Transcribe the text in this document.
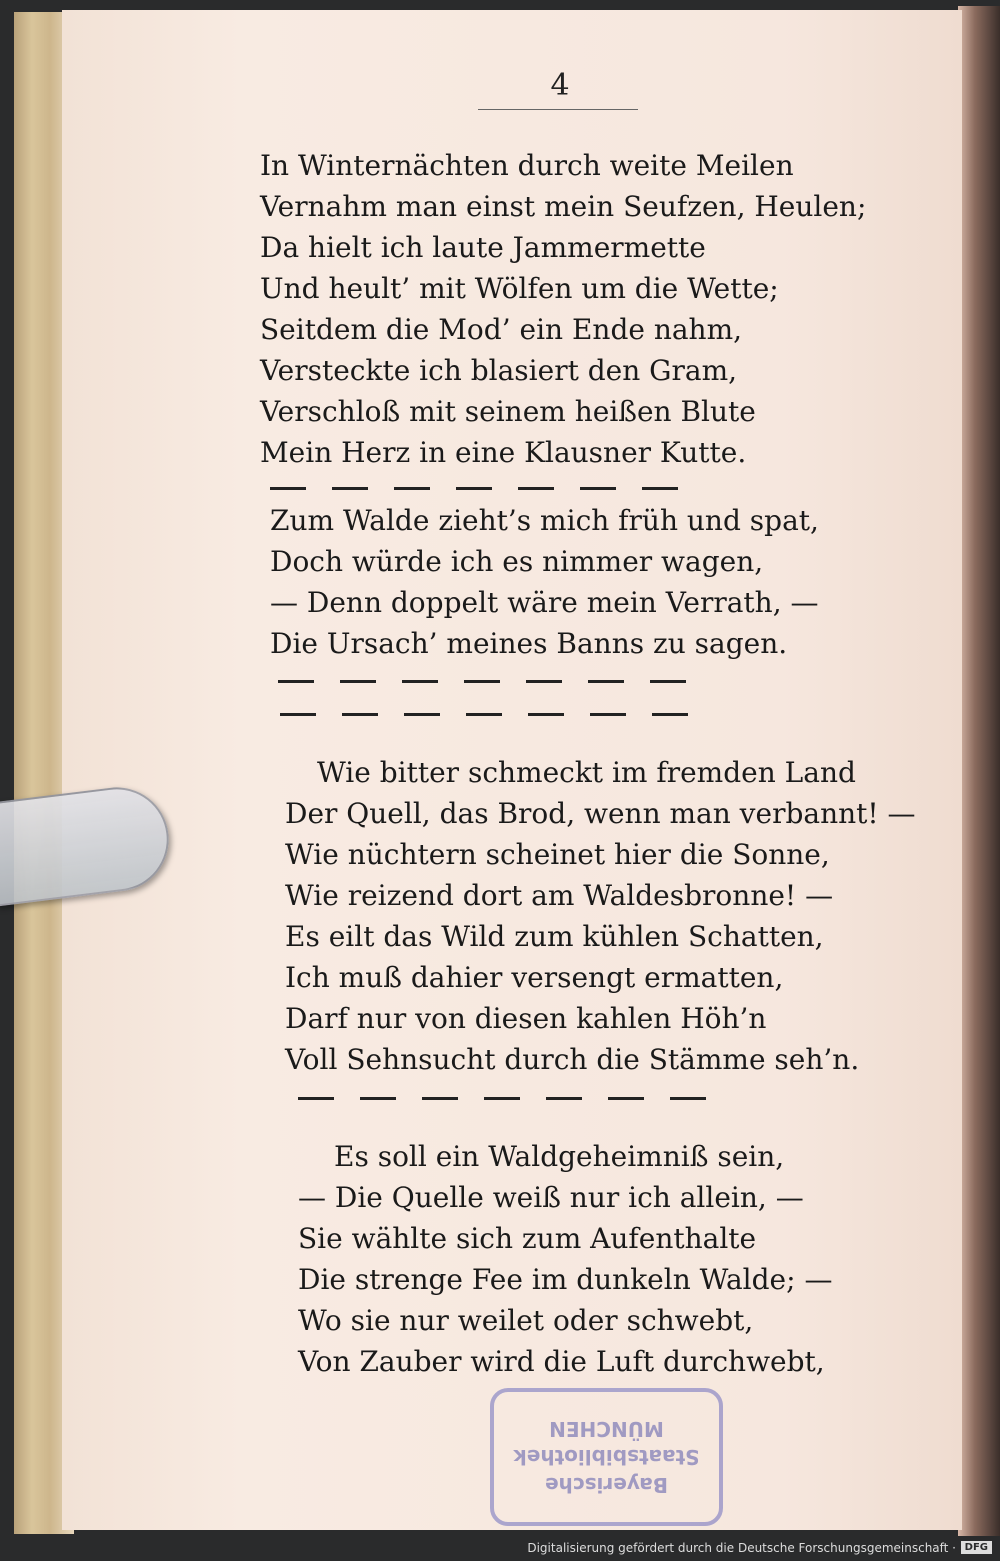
4
In Winternächten durch weite Meilen
Vernahm man einst mein Seufzen, Heulen;
Da hielt ich laute Jammermette
Und heult’ mit Wölfen um die Wette;
Seitdem die Mod’ ein Ende nahm,
Versteckte ich blasiert den Gram,
Verschloß mit seinem heißen Blute
Mein Herz in eine Klausner Kutte.
Zum Walde zieht’s mich früh und spat,
Doch würde ich es nimmer wagen,
— Denn doppelt wäre mein Verrath, —
Die Ursach’ meines Banns zu sagen.
Wie bitter schmeckt im fremden Land
Der Quell, das Brod, wenn man verbannt! —
Wie nüchtern scheinet hier die Sonne,
Wie reizend dort am Waldesbronne! —
Es eilt das Wild zum kühlen Schatten,
Ich muß dahier versengt ermatten,
Darf nur von diesen kahlen Höh’n
Voll Sehnsucht durch die Stämme seh’n.
Es soll ein Waldgeheimniß sein,
— Die Quelle weiß nur ich allein, —
Sie wählte sich zum Aufenthalte
Die strenge Fee im dunkeln Walde; —
Wo sie nur weilet oder schwebt,
Von Zauber wird die Luft durchwebt,
Bayerische
Staatsbibliothek
MÜNCHEN
Digitalisierung gefördert durch die Deutsche Forschungsgemeinschaft · DFG
